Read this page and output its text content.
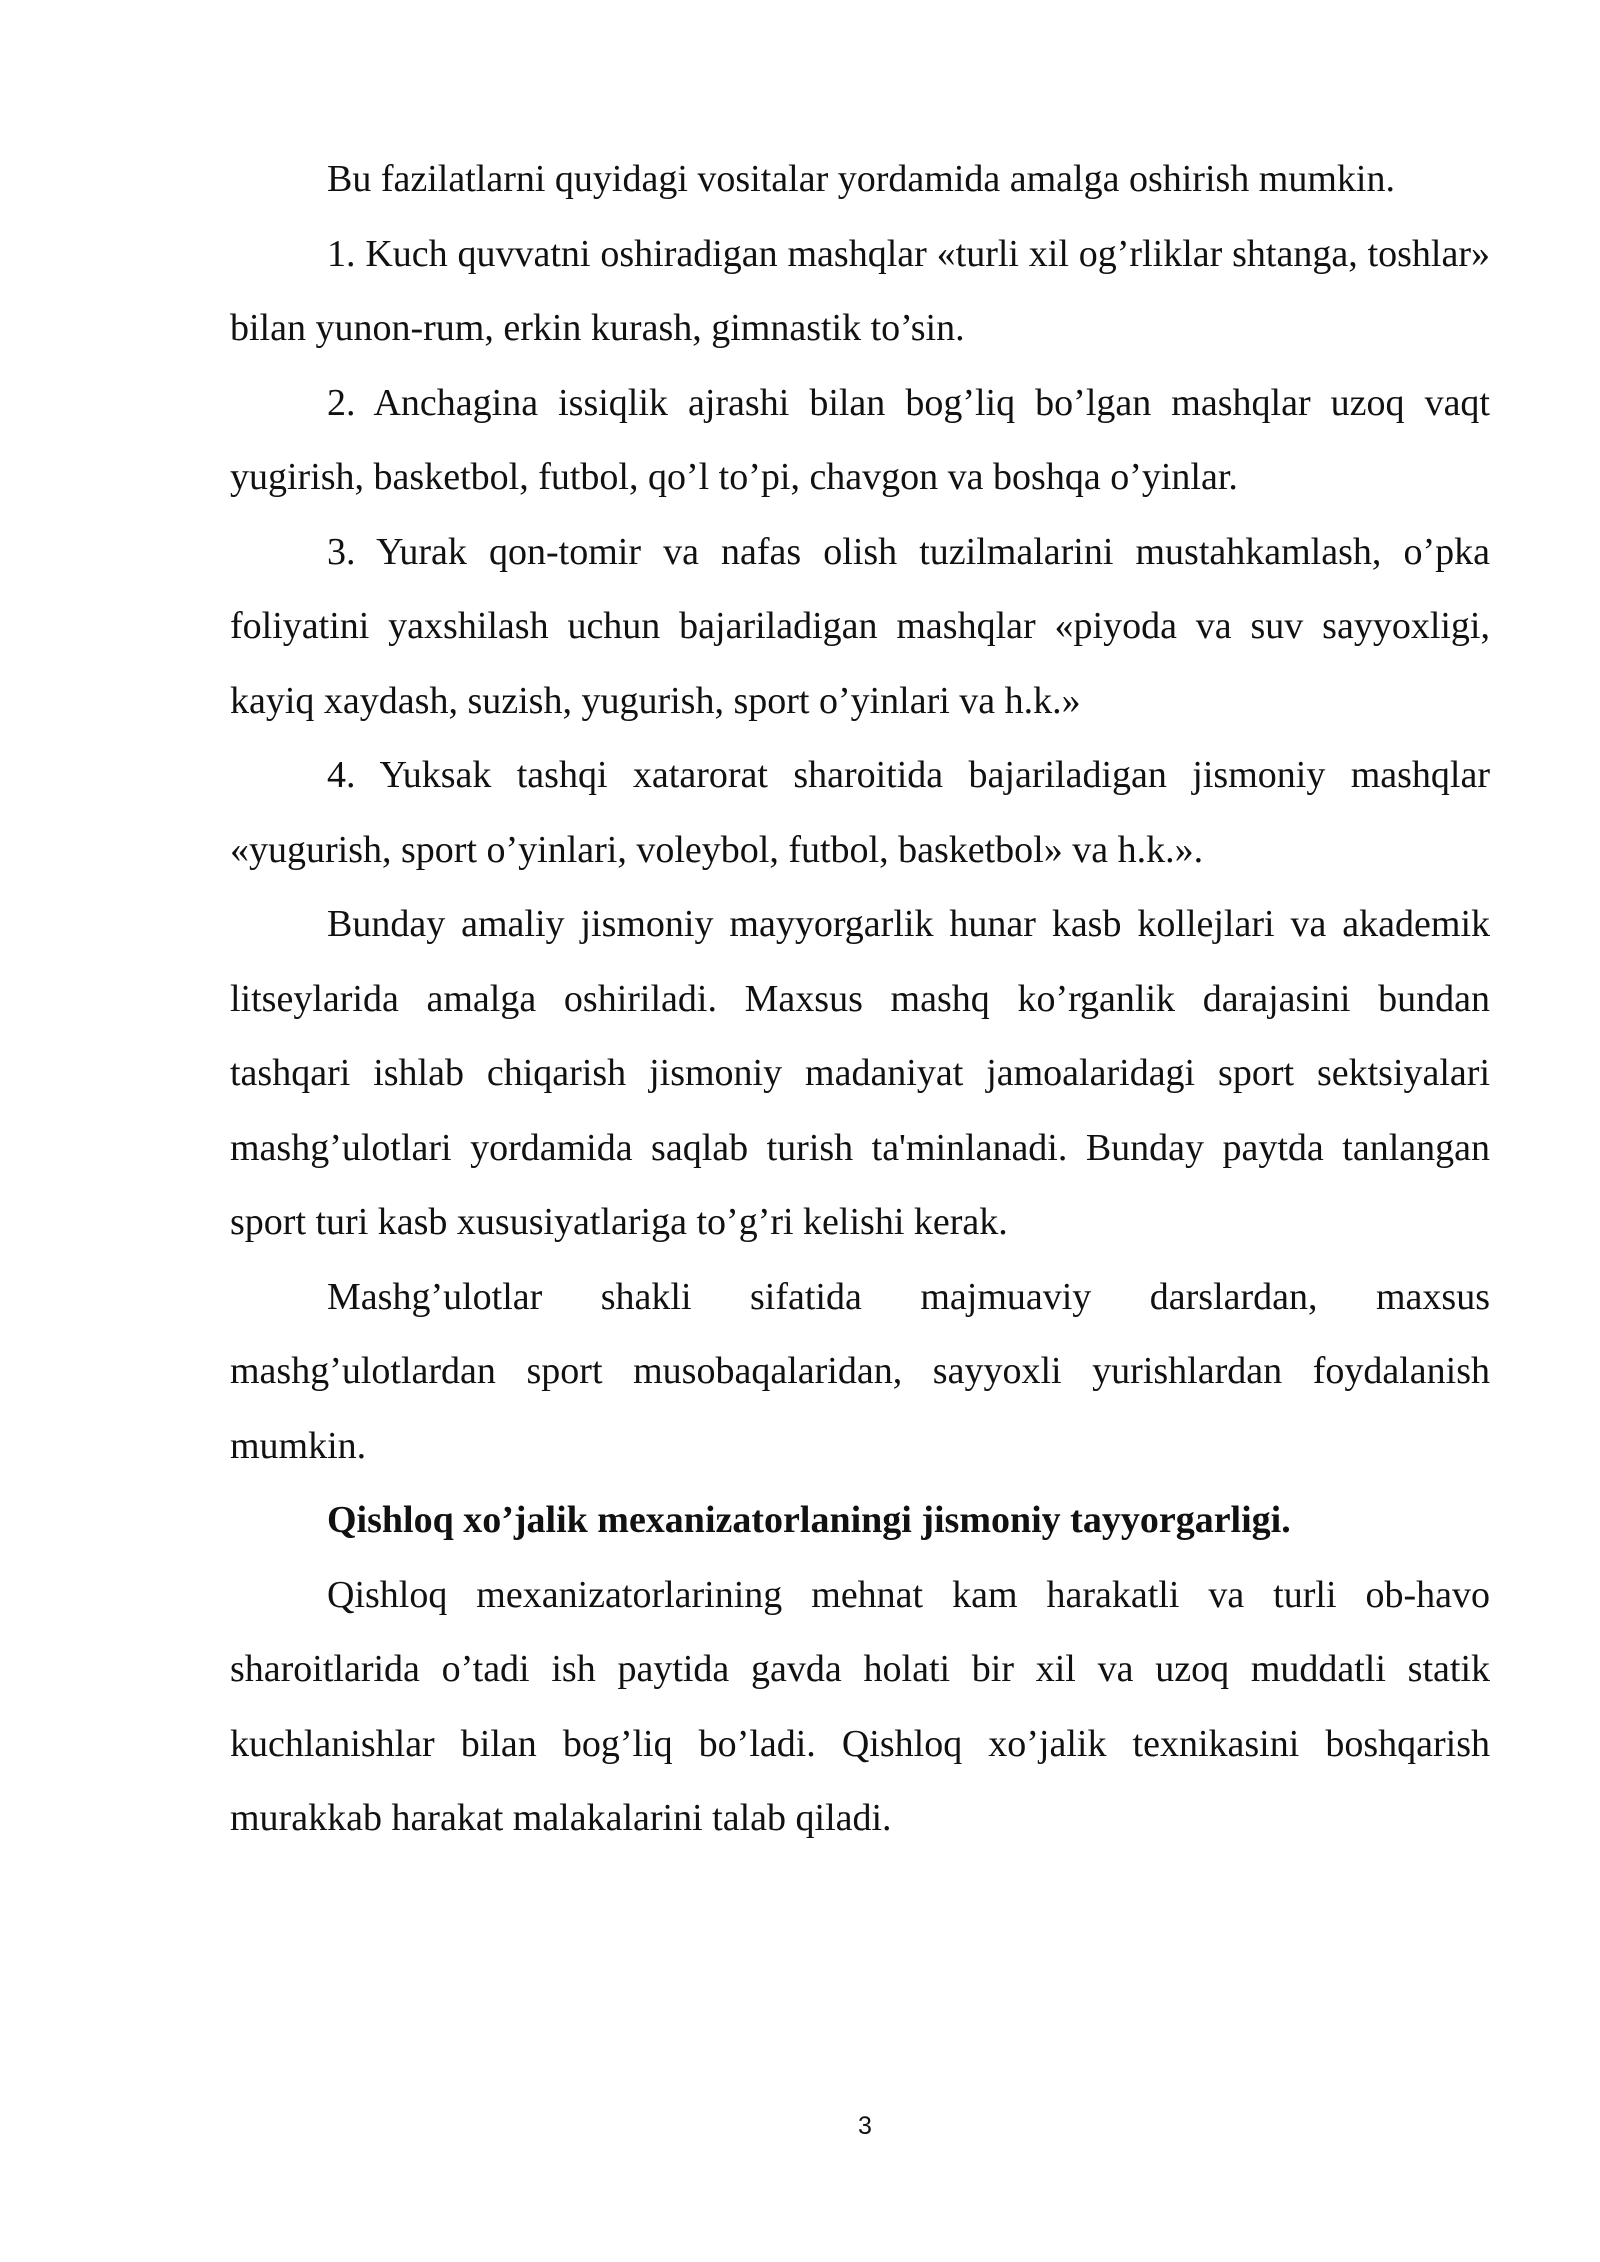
Bu fazilatlarni quyidagi vositalar yordamida amalga oshirish mumkin.

1. Kuch quvvatni oshiradigan mashqlar «turli xil og’rliklar shtanga, toshlar» bilan yunon-rum, erkin kurash, gimnastik to’sin.

2. Anchagina issiqlik ajrashi bilan bog’liq bo’lgan mashqlar uzoq vaqt yugirish, basketbol, futbol, qo’l to’pi, chavgon va boshqa o’yinlar.

3. Yurak qon-tomir va nafas olish tuzilmalarini mustahkamlash, o’pka foliyatini yaxshilash uchun bajariladigan mashqlar «piyoda va suv sayyoxligi, kayiq xaydash, suzish, yugurish, sport o’yinlari va h.k.»

4. Yuksak tashqi xatarorat sharoitida bajariladigan jismoniy mashqlar «yugurish, sport o’yinlari, voleybol, futbol, basketbol» va h.k.».

Bunday amaliy jismoniy mayyorgarlik hunar kasb kollejlari va akademik litseylarida amalga oshiriladi. Maxsus mashq ko’rganlik darajasini bundan tashqari ishlab chiqarish jismoniy madaniyat jamoalaridagi sport sektsiyalari mashg’ulotlari yordamida saqlab turish ta'minlanadi. Bunday paytda tanlangan sport turi kasb xususiyatlariga to’g’ri kelishi kerak.

Mashg’ulotlar shakli sifatida majmuaviy darslardan, maxsus mashg’ulotlardan sport musobaqalaridan, sayyoxli yurishlardan foydalanish mumkin.

Qishloq xo’jalik mexanizatorlaningi jismoniy tayyorgarligi.

Qishloq mexanizatorlarining mehnat kam harakatli va turli ob-havo sharoitlarida o’tadi ish paytida gavda holati bir xil va uzoq muddatli statik kuchlanishlar bilan bog’liq bo’ladi. Qishloq xo’jalik texnikasini boshqarish murakkab harakat malakalarini talab qiladi.

3
